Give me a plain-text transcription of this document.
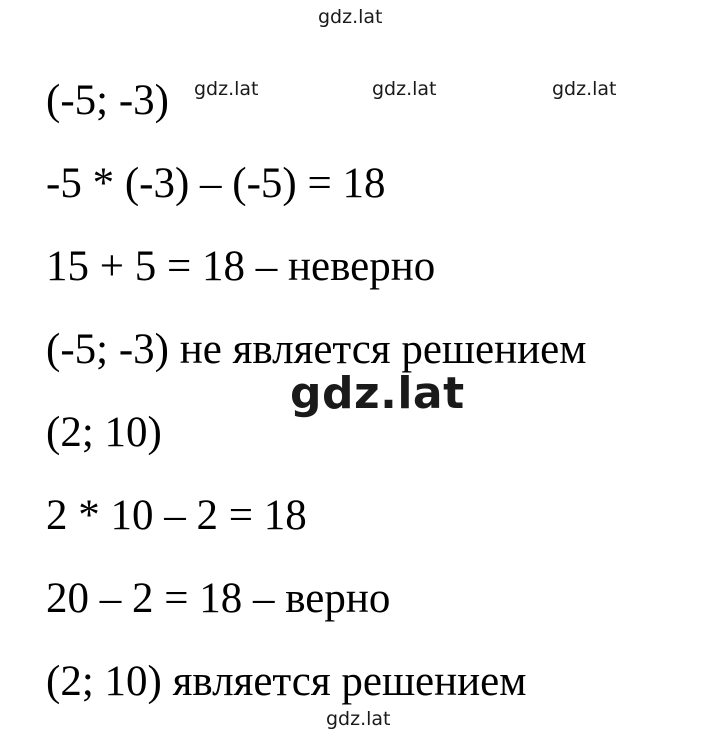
gdz.lat
gdz.lat	gdz.lat	gdz.lat
(-5; -3)
-5 * (-3) – (-5) = 18
15 + 5 = 18 – неверно
(-5; -3) не является решением
(2; 10)
2 * 10 – 2 = 18
20 – 2 = 18 – верно
(2; 10) является решением
gdz.lat
gdz.lat
